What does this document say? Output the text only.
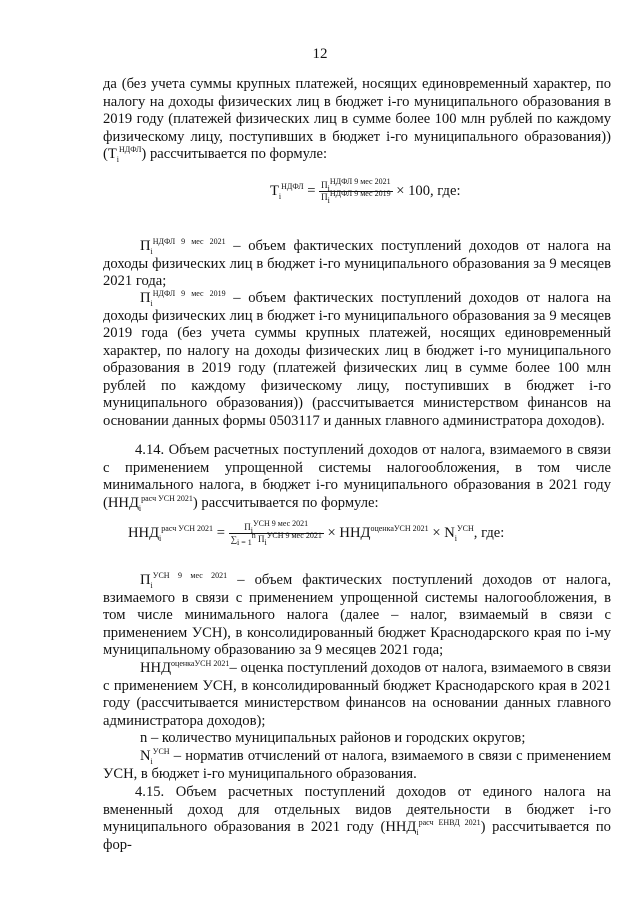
12

да (без учета суммы крупных платежей, носящих единовременный характер, по налогу на доходы физических лиц в бюджет i-го муниципального образования в 2019 году (платежей физических лиц в сумме более 100 млн рублей по каждому физическому лицу, поступивших в бюджет i-го муниципального образования)) $(Т_i^{НДФЛ})$ рассчитывается по формуле:

$Т_i^{НДФЛ} = \frac{П_i^{НДФЛ 9 мес 2021}}{П_i^{НДФЛ 9 мес 2019}} \times 100$, где:

$П_i^{НДФЛ 9 мес 2021}$ – объем фактических поступлений доходов от налога на доходы физических лиц в бюджет i-го муниципального образования за 9 месяцев 2021 года;

$П_i^{НДФЛ 9 мес 2019}$ – объем фактических поступлений доходов от налога на доходы физических лиц в бюджет i-го муниципального образования за 9 месяцев 2019 года (без учета суммы крупных платежей, носящих единовременный характер, по налогу на доходы физических лиц в бюджет i-го муниципального образования в 2019 году (платежей физических лиц в сумме более 100 млн рублей по каждому физическому лицу, поступивших в бюджет i-го муниципального образования)) (рассчитывается министерством финансов на основании данных формы 0503117 и данных главного администратора доходов).

4.14. Объем расчетных поступлений доходов от налога, взимаемого в связи с применением упрощенной системы налогообложения, в том числе минимального налога, в бюджет i-го муниципального образования в 2021 году $(ННД_i^{расч УСН 2021})$ рассчитывается по формуле:

$ННД_i^{расч УСН 2021} = \frac{П_i^{УСН 9 мес 2021}}{\sum_{i = 1}^n П_i^{УСН 9 мес 2021}} \times ННД^{оценкаУСН 2021} \times N_i^{УСН}$, где:

$П_i^{УСН 9 мес 2021}$ – объем фактических поступлений доходов от налога, взимаемого в связи с применением упрощенной системы налогообложения, в том числе минимального налога (далее – налог, взимаемый в связи с применением УСН), в консолидированный бюджет Краснодарского края по i-му муниципальному образованию за 9 месяцев 2021 года;

$ННД^{оценкаУСН 2021}-$ оценка поступлений доходов от налога, взимаемого в связи с применением УСН, в консолидированный бюджет Краснодарского края в 2021 году (рассчитывается министерством финансов на основании данных главного администратора доходов);

n – количество муниципальных районов и городских округов;

$N_i^{УСН}$ – норматив отчислений от налога, взимаемого в связи с применением УСН, в бюджет i-го муниципального образования.

4.15. Объем расчетных поступлений доходов от единого налога на вмененный доход для отдельных видов деятельности в бюджет i-го муниципального образования в 2021 году $(ННД_i^{расч ЕНВД 2021})$ рассчитывается по фор-
